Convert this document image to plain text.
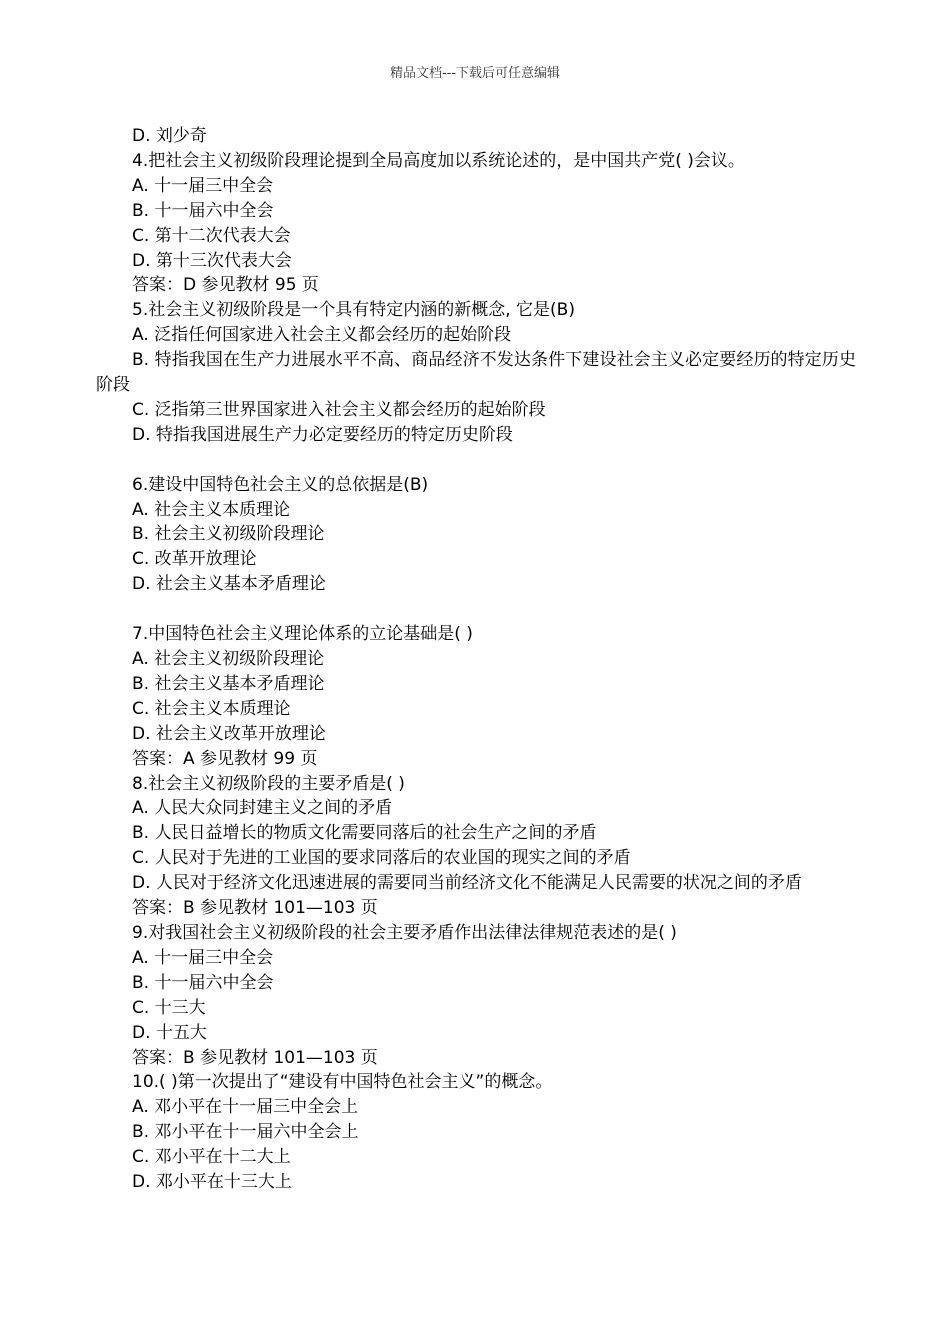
精品文档---下载后可任意编辑

D. 刘少奇

4.把社会主义初级阶段理论提到全局高度加以系统论述的，是中国共产党( )会议。

A. 十一届三中全会

B. 十一届六中全会

C. 第十二次代表大会

D. 第十三次代表大会

答案：D 参见教材 95 页

5.社会主义初级阶段是一个具有特定内涵的新概念, 它是(B)

A. 泛指任何国家进入社会主义都会经历的起始阶段

B. 特指我国在生产力进展水平不高、商品经济不发达条件下建设社会主义必定要经历的特定历史阶段

C. 泛指第三世界国家进入社会主义都会经历的起始阶段

D. 特指我国进展生产力必定要经历的特定历史阶段

6.建设中国特色社会主义的总依据是(B)

A. 社会主义本质理论

B. 社会主义初级阶段理论

C. 改革开放理论

D. 社会主义基本矛盾理论

7.中国特色社会主义理论体系的立论基础是( )

A. 社会主义初级阶段理论

B. 社会主义基本矛盾理论

C. 社会主义本质理论

D. 社会主义改革开放理论

答案：A 参见教材 99 页

8.社会主义初级阶段的主要矛盾是( )

A. 人民大众同封建主义之间的矛盾

B. 人民日益增长的物质文化需要同落后的社会生产之间的矛盾

C. 人民对于先进的工业国的要求同落后的农业国的现实之间的矛盾

D. 人民对于经济文化迅速进展的需要同当前经济文化不能满足人民需要的状况之间的矛盾

答案：B 参见教材 101—103 页

9.对我国社会主义初级阶段的社会主要矛盾作出法律法律规范表述的是( )

A. 十一届三中全会

B. 十一届六中全会

C. 十三大

D. 十五大

答案：B 参见教材 101—103 页

10.( )第一次提出了“建设有中国特色社会主义”的概念。

A. 邓小平在十一届三中全会上

B. 邓小平在十一届六中全会上

C. 邓小平在十二大上

D. 邓小平在十三大上
